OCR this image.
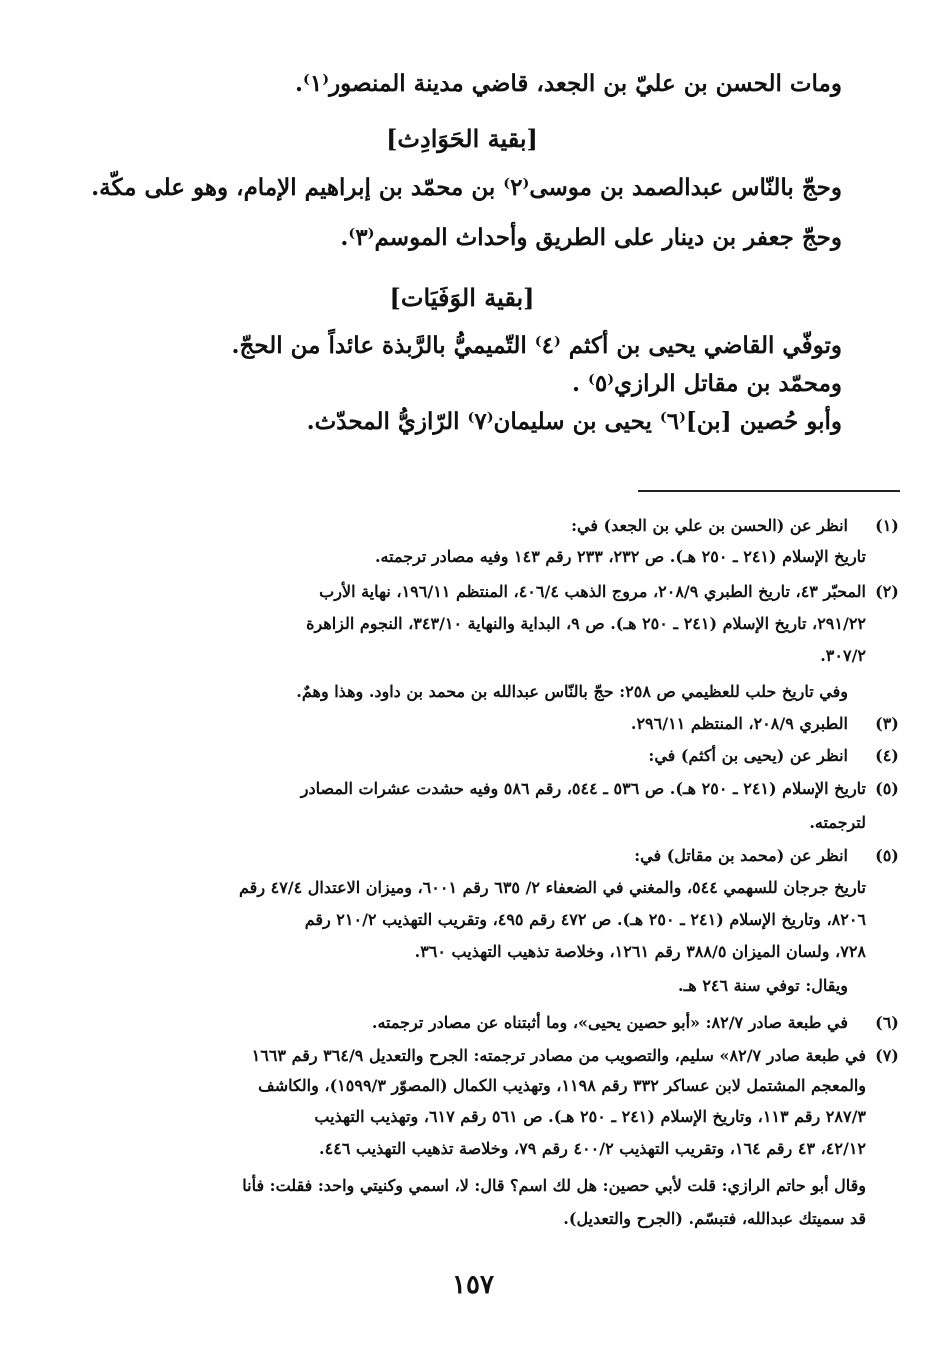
ومات الحسن بن عليّ بن الجعد، قاضي مدينة المنصور⁽١⁾.
[بقية الحَوَادِث]
وحجّ بالنّاس عبدالصمد بن موسى⁽٢⁾ بن محمّد بن إبراهيم الإمام، وهو على مكّة.
وحجّ جعفر بن دينار على الطريق وأحداث الموسم⁽٣⁾.
[بقية الوَفَيَات]
وتوفّي القاضي يحيى بن أكثم ⁽٤⁾ التّميميُّ بالرَّبذة عائداً من الحجّ.
ومحمّد بن مقاتل الرازي⁽٥⁾ .
وأبو حُصين [بن]⁽٦⁾ يحيى بن سليمان⁽٧⁾ الرّازيُّ المحدّث.
(١)
انظر عن (الحسن بن علي بن الجعد) في:
تاريخ الإسلام (٢٤١ ـ ٢٥٠ هـ). ص ٢٣٢، ٢٣٣ رقم ١٤٣ وفيه مصادر ترجمته.
(٢)
المحبّر ٤٣، تاريخ الطبري ٢٠٨/٩، مروج الذهب ٤٠٦/٤، المنتظم ١٩٦/١١، نهاية الأرب
٢٩١/٢٢، تاريخ الإسلام (٢٤١ ـ ٢٥٠ هـ). ص ٩، البداية والنهاية ٣٤٣/١٠، النجوم الزاهرة
٣٠٧/٢.
وفي تاريخ حلب للعظيمي ص ٢٥٨: حجّ بالنّاس عبدالله بن محمد بن داود. وهذا وهمٌ.
(٣)
الطبري ٢٠٨/٩، المنتظم ٢٩٦/١١.
(٤)
انظر عن (يحيى بن أكثم) في:
(٥)
تاريخ الإسلام (٢٤١ ـ ٢٥٠ هـ). ص ٥٣٦ ـ ٥٤٤، رقم ٥٨٦ وفيه حشدت عشرات المصادر
لترجمته.
(٥)
انظر عن (محمد بن مقاتل) في:
تاريخ جرجان للسهمي ٥٤٤، والمغني في الضعفاء ٢/ ٦٣٥ رقم ٦٠٠١، وميزان الاعتدال ٤٧/٤ رقم
٨٢٠٦، وتاريخ الإسلام (٢٤١ ـ ٢٥٠ هـ). ص ٤٧٢ رقم ٤٩٥، وتقريب التهذيب ٢١٠/٢ رقم
٧٢٨، ولسان الميزان ٣٨٨/٥ رقم ١٢٦١، وخلاصة تذهيب التهذيب ٣٦٠.
ويقال: توفي سنة ٢٤٦ هـ.
(٦)
في طبعة صادر ٨٢/٧: «أبو حصين يحيى»، وما أثبتناه عن مصادر ترجمته.
(٧)
في طبعة صادر ٨٢/٧» سليم، والتصويب من مصادر ترجمته: الجرح والتعديل ٣٦٤/٩ رقم ١٦٦٣
والمعجم المشتمل لابن عساكر ٣٣٢ رقم ١١٩٨، وتهذيب الكمال (المصوّر ١٥٩٩/٣)، والكاشف
٢٨٧/٣ رقم ١١٣، وتاريخ الإسلام (٢٤١ ـ ٢٥٠ هـ). ص ٥٦١ رقم ٦١٧، وتهذيب التهذيب
٤٢/١٢، ٤٣ رقم ١٦٤، وتقريب التهذيب ٤٠٠/٢ رقم ٧٩، وخلاصة تذهيب التهذيب ٤٤٦.
وقال أبو حاتم الرازي: قلت لأبي حصين: هل لك اسم؟ قال: لا، اسمي وكنيتي واحد: فقلت: فأنا
قد سميتك عبدالله، فتبسّم. (الجرح والتعديل).
١٥٧
